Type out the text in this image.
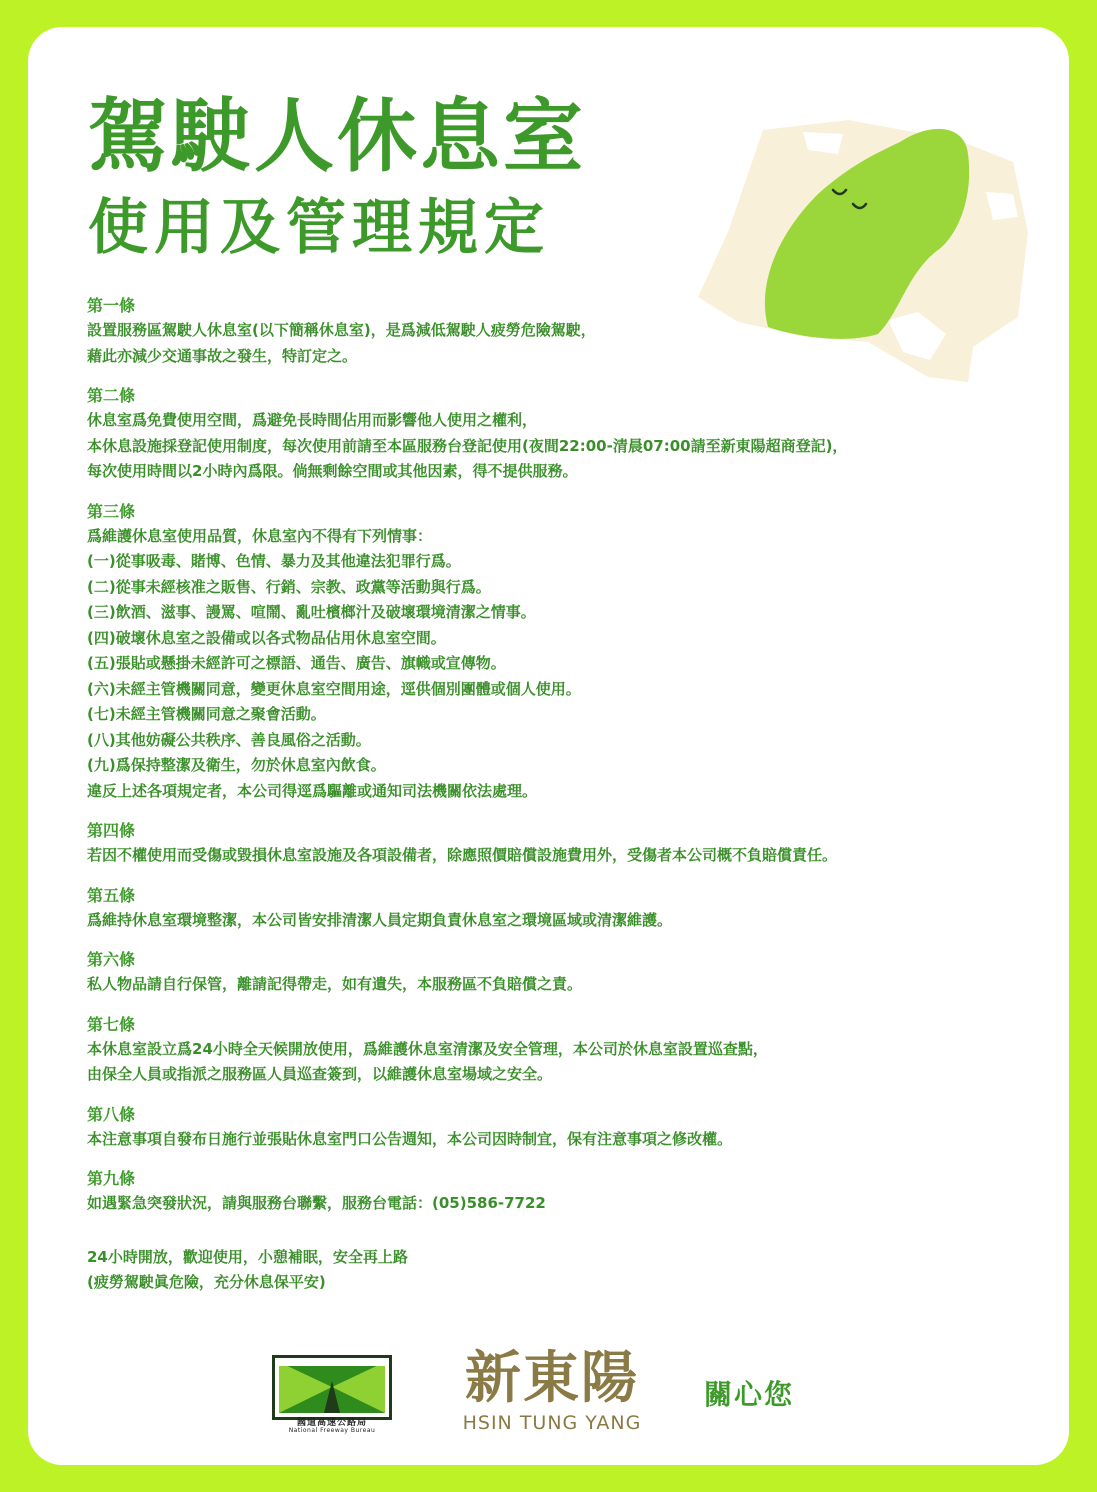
駕駛人休息室
使用及管理規定
第一條

設置服務區駕駛人休息室(以下簡稱休息室)，是爲減低駕駛人疲勞危險駕駛，

藉此亦減少交通事故之發生，特訂定之。

第二條

休息室爲免費使用空間，爲避免長時間佔用而影響他人使用之權利，

本休息設施採登記使用制度，每次使用前請至本區服務台登記使用(夜間22:00-清晨07:00請至新東陽超商登記)，

每次使用時間以2小時內爲限。倘無剩餘空間或其他因素，得不提供服務。

第三條

爲維護休息室使用品質，休息室內不得有下列情事：

(一)從事吸毒、賭博、色情、暴力及其他違法犯罪行爲。

(二)從事未經核准之販售、行銷、宗教、政黨等活動與行爲。

(三)飲酒、滋事、謾罵、喧鬧、亂吐檳榔汁及破壞環境清潔之情事。

(四)破壞休息室之設備或以各式物品佔用休息室空間。

(五)張貼或懸掛未經許可之標語、通告、廣告、旗幟或宣傳物。

(六)未經主管機關同意，變更休息室空間用途，逕供個別團體或個人使用。

(七)未經主管機關同意之聚會活動。

(八)其他妨礙公共秩序、善良風俗之活動。

(九)爲保持整潔及衛生，勿於休息室內飲食。

違反上述各項規定者，本公司得逕爲驅離或通知司法機關依法處理。

第四條

若因不權使用而受傷或毀損休息室設施及各項設備者，除應照價賠償設施費用外，受傷者本公司概不負賠償責任。

第五條

爲維持休息室環境整潔，本公司皆安排清潔人員定期負責休息室之環境區域或清潔維護。

第六條

私人物品請自行保管，離請記得帶走，如有遺失，本服務區不負賠償之責。

第七條

本休息室設立爲24小時全天候開放使用，爲維護休息室清潔及安全管理，本公司於休息室設置巡查點，

由保全人員或指派之服務區人員巡查簽到，以維護休息室場域之安全。

第八條

本注意事項自發布日施行並張貼休息室門口公告週知，本公司因時制宜，保有注意事項之修改權。

第九條

如遇緊急突發狀況，請與服務台聯繫，服務台電話：(05)586-7722

24小時開放，歡迎使用，小憩補眠，安全再上路

(疲勞駕駛眞危險，充分休息保平安)

國道高速公路局
National Freeway Bureau
新東陽
HSIN TUNG YANG
關心您
